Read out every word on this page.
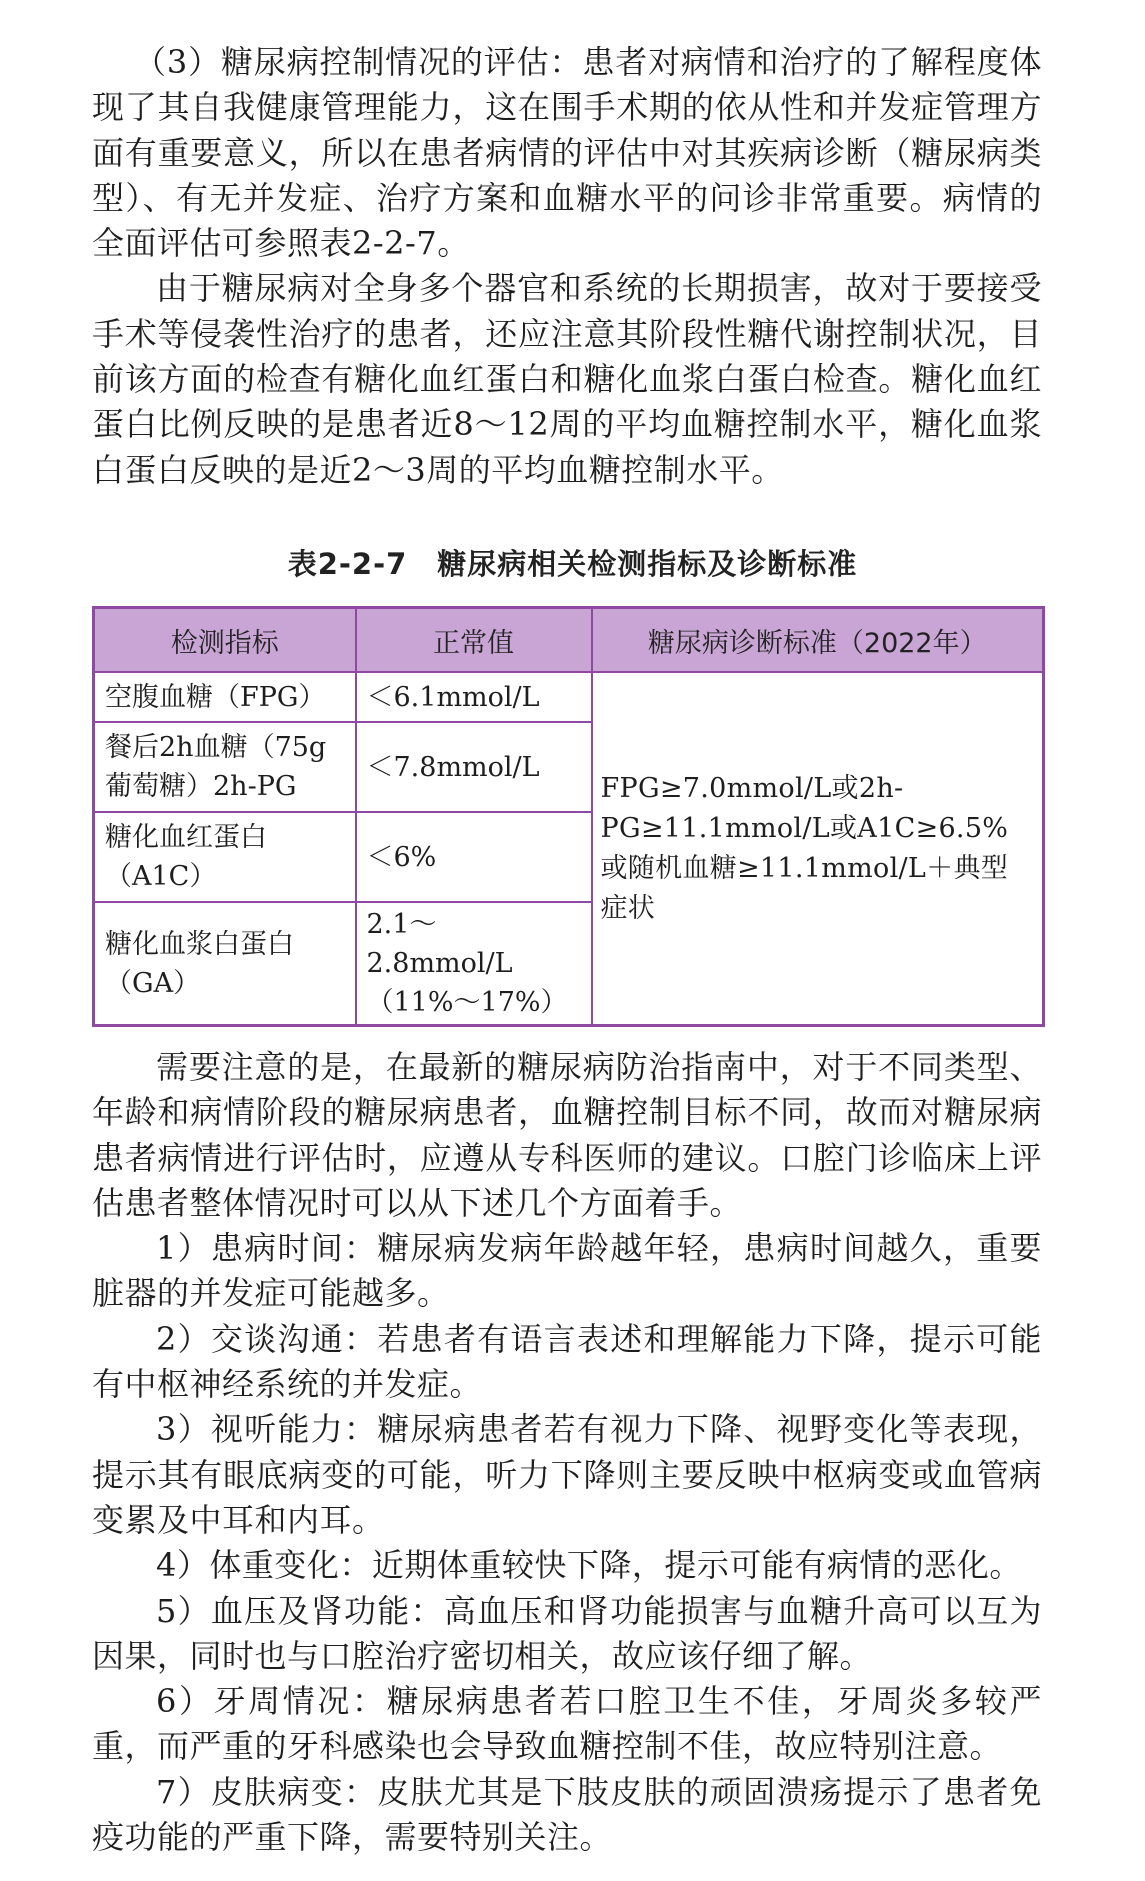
（3）糖尿病控制情况的评估：患者对病情和治疗的了解程度体现了其自我健康管理能力，这在围手术期的依从性和并发症管理方面有重要意义，所以在患者病情的评估中对其疾病诊断（糖尿病类型）、有无并发症、治疗方案和血糖水平的问诊非常重要。病情的全面评估可参照表2-2-7。

由于糖尿病对全身多个器官和系统的长期损害，故对于要接受手术等侵袭性治疗的患者，还应注意其阶段性糖代谢控制状况，目前该方面的检查有糖化血红蛋白和糖化血浆白蛋白检查。糖化血红蛋白比例反映的是患者近8～12周的平均血糖控制水平，糖化血浆白蛋白反映的是近2～3周的平均血糖控制水平。

表2-2-7　糖尿病相关检测指标及诊断标准
检测指标	正常值	糖尿病诊断标准（2022年）
空腹血糖（FPG）	＜6.1mmol/L	FPG≥7.0mmol/L或2h-PG≥11.1mmol/L或A1C≥6.5%或随机血糖≥11.1mmol/L＋典型症状
餐后2h血糖（75g葡萄糖）2h-PG	＜7.8mmol/L	
糖化血红蛋白（A1C）	＜6%	
糖化血浆白蛋白（GA）	2.1～2.8mmol/L（11%～17%）	

需要注意的是，在最新的糖尿病防治指南中，对于不同类型、年龄和病情阶段的糖尿病患者，血糖控制目标不同，故而对糖尿病患者病情进行评估时，应遵从专科医师的建议。口腔门诊临床上评估患者整体情况时可以从下述几个方面着手。

1）患病时间：糖尿病发病年龄越年轻，患病时间越久，重要脏器的并发症可能越多。

2）交谈沟通：若患者有语言表述和理解能力下降，提示可能有中枢神经系统的并发症。

3）视听能力：糖尿病患者若有视力下降、视野变化等表现，提示其有眼底病变的可能，听力下降则主要反映中枢病变或血管病变累及中耳和内耳。

4）体重变化：近期体重较快下降，提示可能有病情的恶化。

5）血压及肾功能：高血压和肾功能损害与血糖升高可以互为因果，同时也与口腔治疗密切相关，故应该仔细了解。

6）牙周情况：糖尿病患者若口腔卫生不佳，牙周炎多较严重，而严重的牙科感染也会导致血糖控制不佳，故应特别注意。

7）皮肤病变：皮肤尤其是下肢皮肤的顽固溃疡提示了患者免疫功能的严重下降，需要特别关注。
